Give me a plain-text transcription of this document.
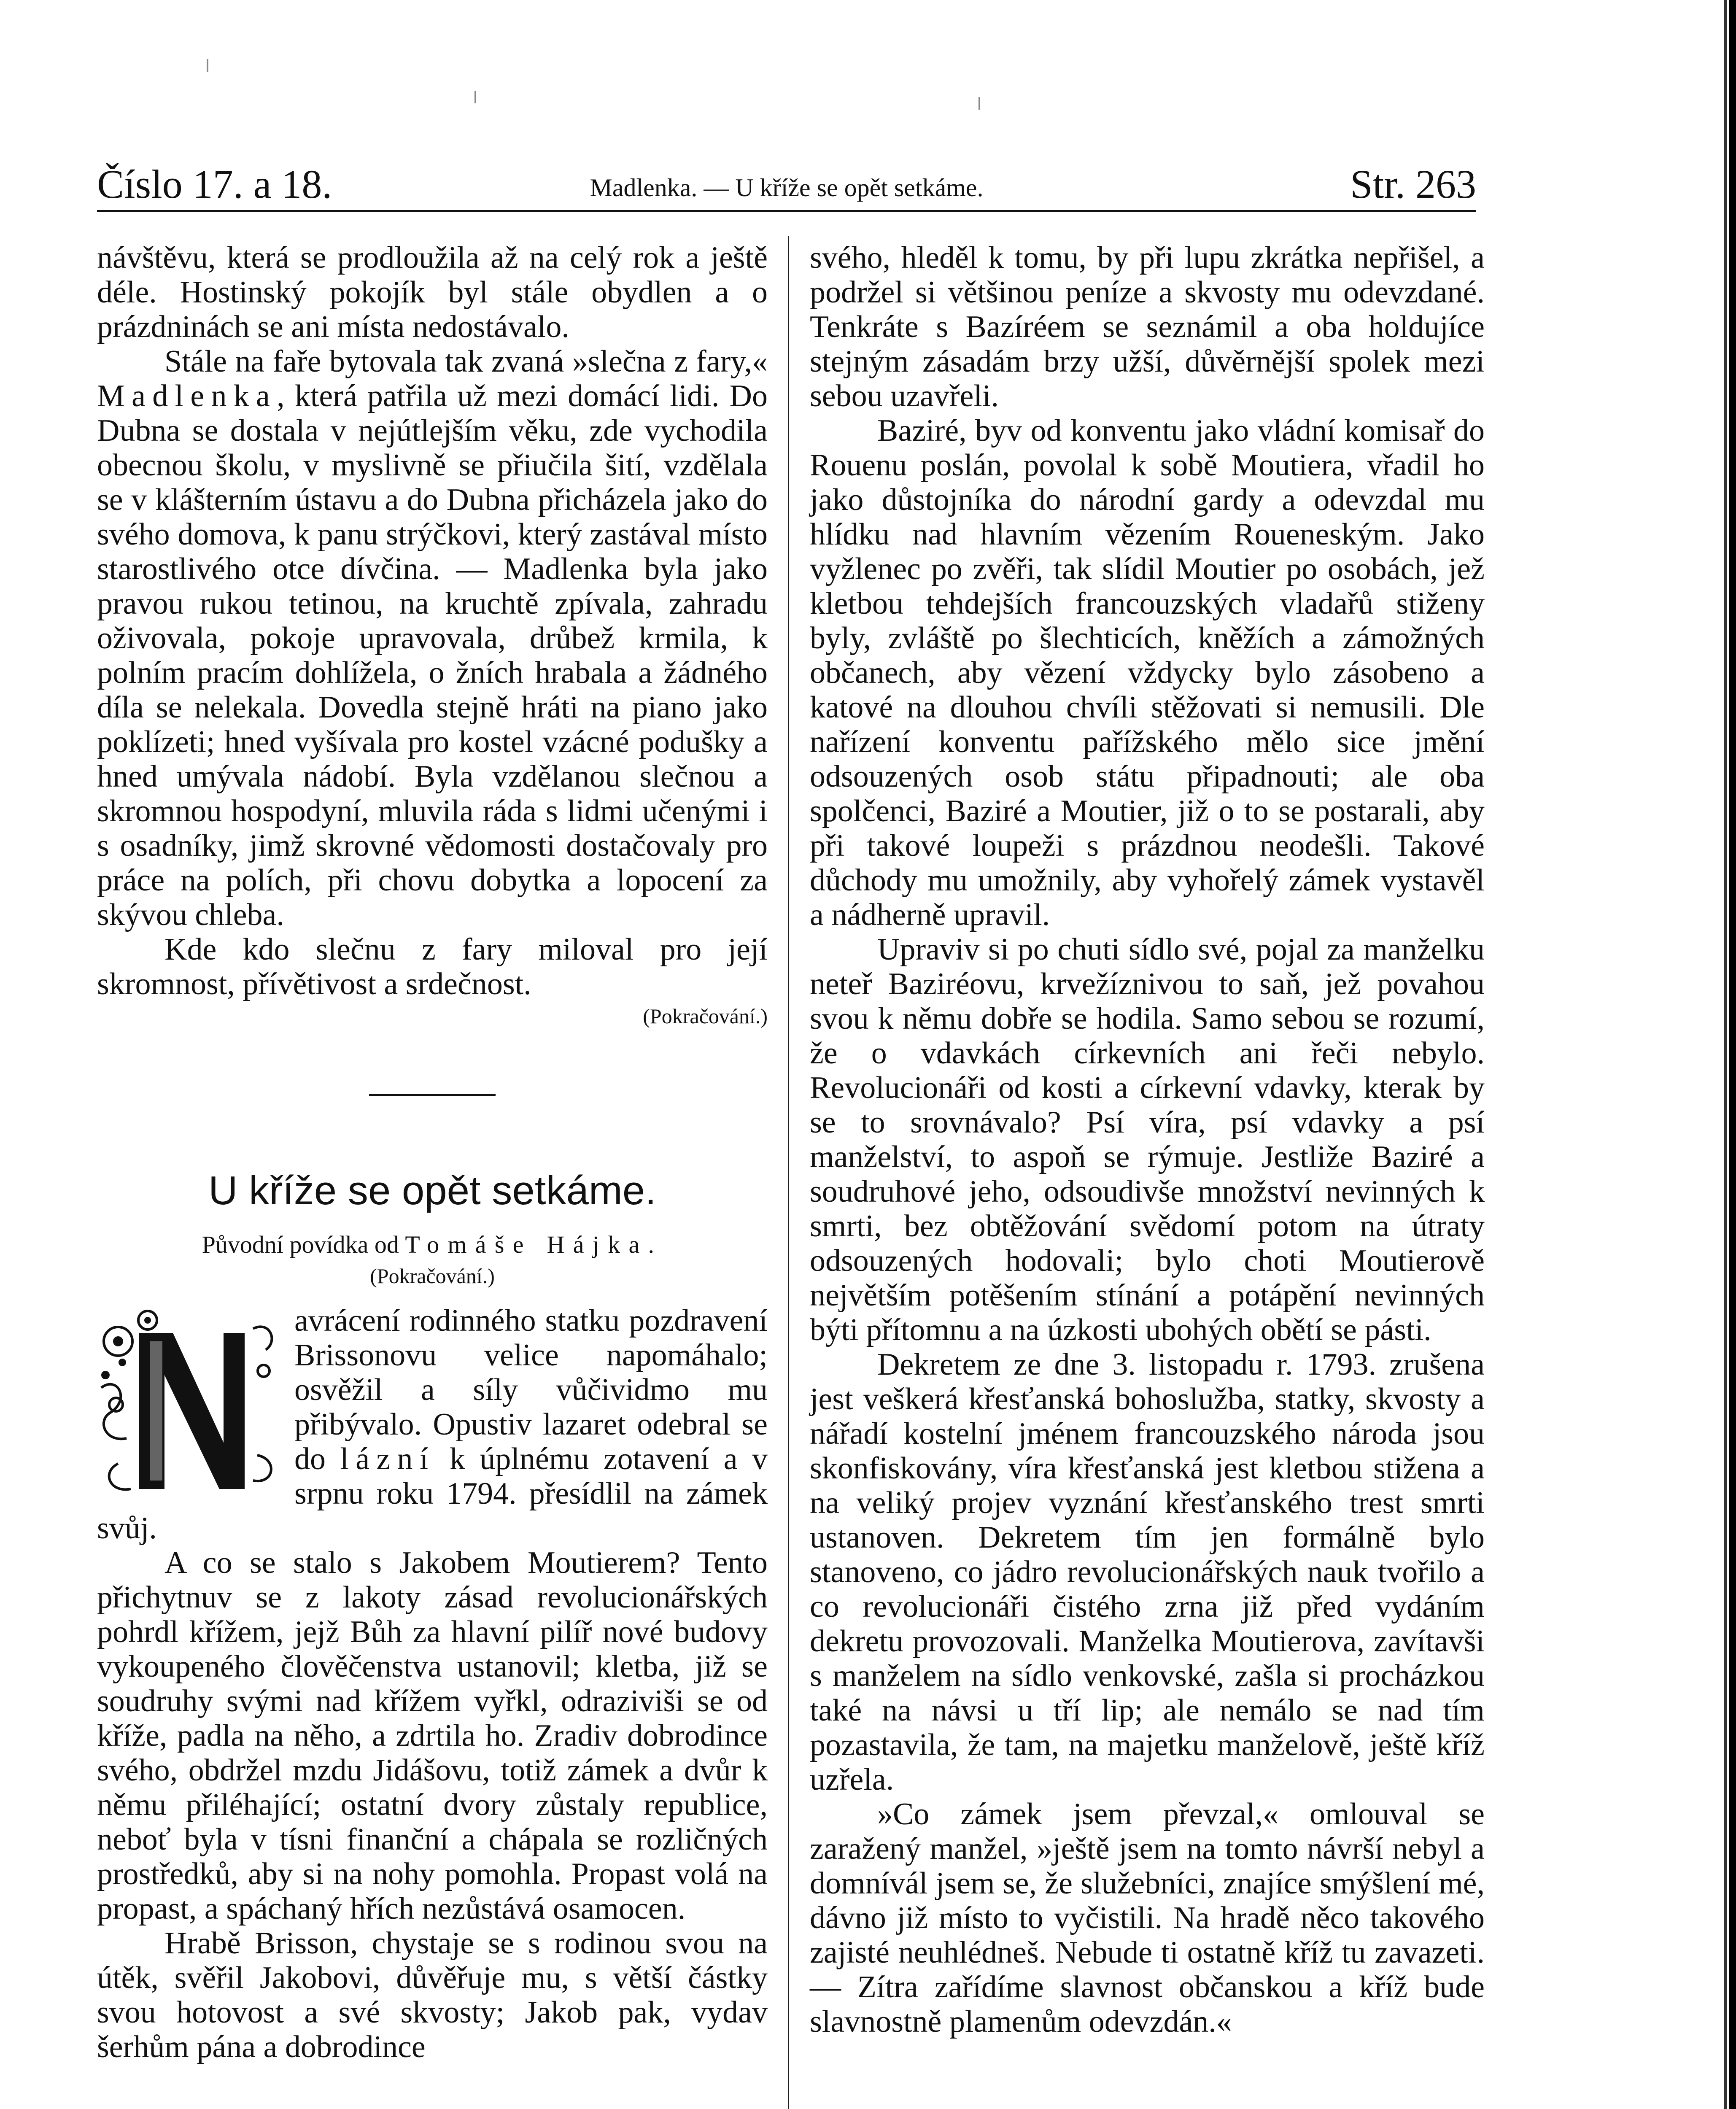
Číslo 17. a 18.	Madlenka. — U kříže se opět setkáme.	Str. 263

návštěvu, která se prodloužila až na celý rok a ještě déle. Hostinský pokojík byl stále obydlen a o prázdninách se ani místa nedostávalo.

Stále na faře bytovala tak zvaná »slečna z fary,« Madlenka, která patřila už mezi domácí lidi. Do Dubna se dostala v nejútlejším věku, zde vychodila obecnou školu, v myslivně se přiučila šití, vzdělala se v klášterním ústavu a do Dubna přicházela jako do svého domova, k panu strýčkovi, který zastával místo starostlivého otce dívčina. — Madlenka byla jako pravou rukou tetinou, na kruchtě zpívala, zahradu oživovala, pokoje upravovala, drůbež krmila, k polním pracím dohlížela, o žních hrabala a žádného díla se nelekala. Dovedla stejně hráti na piano jako poklízeti; hned vyšívala pro kostel vzácné podušky a hned umývala nádobí. Byla vzdělanou slečnou a skromnou hospodyní, mluvila ráda s lidmi učenými i s osadníky, jimž skrovné vědomosti dostačovaly pro práce na polích, při chovu dobytka a lopocení za skývou chleba.

Kde kdo slečnu z fary miloval pro její skromnost, přívětivost a srdečnost.

(Pokračování.)

U kříže se opět setkáme.
Původní povídka od Tomáše Hájka.
(Pokračování.)

avrácení rodinného statku pozdravení Brissonovu velice napomáhalo; osvěžil a síly vůčividmo mu přibývalo. Opustiv lazaret odebral se do lázní k úplnému zotavení a v srpnu roku 1794. přesídlil na zámek svůj.

A co se stalo s Jakobem Moutierem? Tento přichytnuv se z lakoty zásad revolucionářských pohrdl křížem, jejž Bůh za hlavní pilíř nové budovy vykoupeného člověčenstva ustanovil; kletba, již se soudruhy svými nad křížem vyřkl, odraziviši se od kříže, padla na něho, a zdrtila ho. Zradiv dobrodince svého, obdržel mzdu Jidášovu, totiž zámek a dvůr k němu přiléhající; ostatní dvory zůstaly republice, neboť byla v tísni finanční a chápala se rozličných prostředků, aby si na nohy pomohla. Propast volá na propast, a spáchaný hřích nezůstává osamocen.

Hrabě Brisson, chystaje se s rodinou svou na útěk, svěřil Jakobovi, důvěřuje mu, s větší částky svou hotovost a své skvosty; Jakob pak, vydav šerhům pána a dobrodince

svého, hleděl k tomu, by při lupu zkrátka nepřišel, a podržel si většinou peníze a skvosty mu odevzdané. Tenkráte s Bazíréem se seznámil a oba holdujíce stejným zásadám brzy užší, důvěrnější spolek mezi sebou uzavřeli.

Baziré, byv od konventu jako vládní komisař do Rouenu poslán, povolal k sobě Moutiera, vřadil ho jako důstojníka do národní gardy a odevzdal mu hlídku nad hlavním vězením Roueneským. Jako vyžlenec po zvěři, tak slídil Moutier po osobách, jež kletbou tehdejších francouzských vladařů stiženy byly, zvláště po šlechticích, kněžích a zámožných občanech, aby vězení vždycky bylo zásobeno a katové na dlouhou chvíli stěžovati si nemusili. Dle nařízení konventu pařížského mělo sice jmění odsouzených osob státu připadnouti; ale oba spolčenci, Baziré a Moutier, již o to se postarali, aby při takové loupeži s prázdnou neodešli. Takové důchody mu umožnily, aby vyhořelý zámek vystavěl a nádherně upravil.

Upraviv si po chuti sídlo své, pojal za manželku neteř Baziréovu, krvežíznivou to saň, jež povahou svou k němu dobře se hodila. Samo sebou se rozumí, že o vdavkách církevních ani řeči nebylo. Revolucionáři od kosti a církevní vdavky, kterak by se to srovnávalo? Psí víra, psí vdavky a psí manželství, to aspoň se rýmuje. Jestliže Baziré a soudruhové jeho, odsoudivše množství nevinných k smrti, bez obtěžování svědomí potom na útraty odsouzených hodovali; bylo choti Moutierově největším potěšením stínání a potápění nevinných býti přítomnu a na úzkosti ubohých obětí se pásti.

Dekretem ze dne 3. listopadu r. 1793. zrušena jest veškerá křesťanská bohoslužba, statky, skvosty a nářadí kostelní jménem francouzského národa jsou skonfiskovány, víra křesťanská jest kletbou stižena a na veliký projev vyznání křesťanského trest smrti ustanoven. Dekretem tím jen formálně bylo stanoveno, co jádro revolucionářských nauk tvořilo a co revolucionáři čistého zrna již před vydáním dekretu provozovali. Manželka Moutierova, zavítavši s manželem na sídlo venkovské, zašla si procházkou také na návsi u tří lip; ale nemálo se nad tím pozastavila, že tam, na majetku manželově, ještě kříž uzřela.

»Co zámek jsem převzal,« omlouval se zaražený manžel, »ještě jsem na tomto návrší nebyl a domnívál jsem se, že služebníci, znajíce smýšlení mé, dávno již místo to vyčistili. Na hradě něco takového zajisté neuhlédneš. Nebude ti ostatně kříž tu zavazeti. — Zítra zařídíme slavnost občanskou a kříž bude slavnostně plamenům odevzdán.«
